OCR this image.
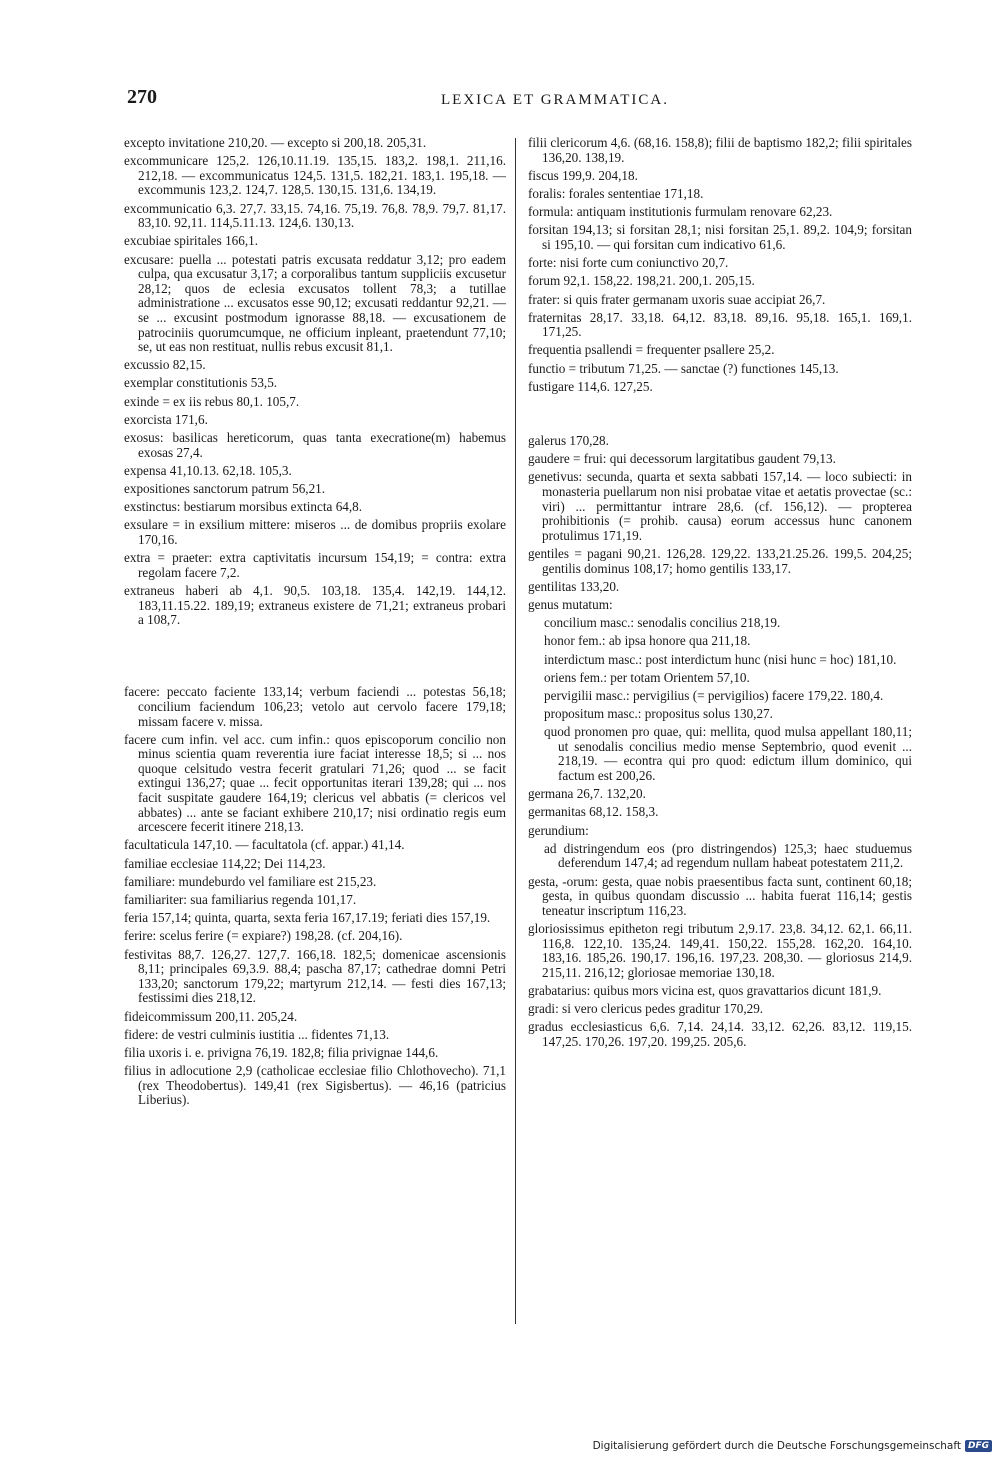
270	LEXICA ET GRAMMATICA.

excepto invitatione 210,20. — excepto si 200,18. 205,31.

excommunicare 125,2. 126,10.11.19. 135,15. 183,2. 198,1. 211,16. 212,18. — excommunicatus 124,5. 131,5. 182,21. 183,1. 195,18. — excommunis 123,2. 124,7. 128,5. 130,15. 131,6. 134,19.

excommunicatio 6,3. 27,7. 33,15. 74,16. 75,19. 76,8. 78,9. 79,7. 81,17. 83,10. 92,11. 114,5.11.13. 124,6. 130,13.

excubiae spiritales 166,1.

excusare: puella ... potestati patris excusata reddatur 3,12; pro eadem culpa, qua excusatur 3,17; a corporalibus tantum suppliciis excusetur 28,12; quos de eclesia excusatos tollent 78,3; a tutillae administratione ... excusatos esse 90,12; excusati reddantur 92,21. — se ... excusint postmodum ignorasse 88,18. — excusationem de patrociniis quorumcumque, ne officium inpleant, praetendunt 77,10; se, ut eas non restituat, nullis rebus excusit 81,1.

excussio 82,15.

exemplar constitutionis 53,5.

exinde = ex iis rebus 80,1. 105,7.

exorcista 171,6.

exosus: basilicas hereticorum, quas tanta execratione(m) habemus exosas 27,4.

expensa 41,10.13. 62,18. 105,3.

expositiones sanctorum patrum 56,21.

exstinctus: bestiarum morsibus extincta 64,8.

exsulare = in exsilium mittere: miseros ... de domibus propriis exolare 170,16.

extra = praeter: extra captivitatis incursum 154,19; = contra: extra regolam facere 7,2.

extraneus haberi ab 4,1. 90,5. 103,18. 135,4. 142,19. 144,12. 183,11.15.22. 189,19; extraneus existere de 71,21; extraneus probari a 108,7.

facere: peccato faciente 133,14; verbum faciendi ... potestas 56,18; concilium faciendum 106,23; vetolo aut cervolo facere 179,18; missam facere v. missa.

facere cum infin. vel acc. cum infin.: quos episcoporum concilio non minus scientia quam reverentia iure faciat interesse 18,5; si ... nos quoque celsitudo vestra fecerit gratulari 71,26; quod ... se facit extingui 136,27; quae ... fecit opportunitas iterari 139,28; qui ... nos facit suspitate gaudere 164,19; clericus vel abbatis (= clericos vel abbates) ... ante se faciant exhibere 210,17; nisi ordinatio regis eum arcescere fecerit itinere 218,13.

facultaticula 147,10. — facultatola (cf. appar.) 41,14.

familiae ecclesiae 114,22; Dei 114,23.

familiare: mundeburdo vel familiare est 215,23.

familiariter: sua familiarius regenda 101,17.

feria 157,14; quinta, quarta, sexta feria 167,17.19; feriati dies 157,19.

ferire: scelus ferire (= expiare?) 198,28. (cf. 204,16).

festivitas 88,7. 126,27. 127,7. 166,18. 182,5; domenicae ascensionis 8,11; principales 69,3.9. 88,4; pascha 87,17; cathedrae domni Petri 133,20; sanctorum 179,22; martyrum 212,14. — festi dies 167,13; festissimi dies 218,12.

fideicommissum 200,11. 205,24.

fidere: de vestri culminis iustitia ... fidentes 71,13.

filia uxoris i. e. privigna 76,19. 182,8; filia privignae 144,6.

filius in adlocutione 2,9 (catholicae ecclesiae filio Chlothovecho). 71,1 (rex Theodobertus). 149,41 (rex Sigisbertus). — 46,16 (patricius Liberius).

filii clericorum 4,6. (68,16. 158,8); filii de baptismo 182,2; filii spiritales 136,20. 138,19.

fiscus 199,9. 204,18.

foralis: forales sententiae 171,18.

formula: antiquam institutionis furmulam renovare 62,23.

forsitan 194,13; si forsitan 28,1; nisi forsitan 25,1. 89,2. 104,9; forsitan si 195,10. — qui forsitan cum indicativo 61,6.

forte: nisi forte cum coniunctivo 20,7.

forum 92,1. 158,22. 198,21. 200,1. 205,15.

frater: si quis frater germanam uxoris suae accipiat 26,7.

fraternitas 28,17. 33,18. 64,12. 83,18. 89,16. 95,18. 165,1. 169,1. 171,25.

frequentia psallendi = frequenter psallere 25,2.

functio = tributum 71,25. — sanctae (?) functiones 145,13.

fustigare 114,6. 127,25.

galerus 170,28.

gaudere = frui: qui decessorum largitatibus gaudent 79,13.

genetivus: secunda, quarta et sexta sabbati 157,14. — loco subiecti: in monasteria puellarum non nisi probatae vitae et aetatis provectae (sc.: viri) ... permittantur intrare 28,6. (cf. 156,12). — propterea prohibitionis (= prohib. causa) eorum accessus hunc canonem protulimus 171,19.

gentiles = pagani 90,21. 126,28. 129,22. 133,21.25.26. 199,5. 204,25; gentilis dominus 108,17; homo gentilis 133,17.

gentilitas 133,20.

genus mutatum:

concilium masc.: senodalis concilius 218,19.

honor fem.: ab ipsa honore qua 211,18.

interdictum masc.: post interdictum hunc (nisi hunc = hoc) 181,10.

oriens fem.: per totam Orientem 57,10.

pervigilii masc.: pervigilius (= pervigilios) facere 179,22. 180,4.

propositum masc.: propositus solus 130,27.

quod pronomen pro quae, qui: mellita, quod mulsa appellant 180,11; ut senodalis concilius medio mense Septembrio, quod evenit ... 218,19. — econtra qui pro quod: edictum illum dominico, qui factum est 200,26.

germana 26,7. 132,20.

germanitas 68,12. 158,3.

gerundium:

ad distringendum eos (pro distringendos) 125,3; haec studuemus deferendum 147,4; ad regendum nullam habeat potestatem 211,2.

gesta, -orum: gesta, quae nobis praesentibus facta sunt, continent 60,18; gesta, in quibus quondam discussio ... habita fuerat 116,14; gestis teneatur inscriptum 116,23.

gloriosissimus epitheton regi tributum 2,9.17. 23,8. 34,12. 62,1. 66,11. 116,8. 122,10. 135,24. 149,41. 150,22. 155,28. 162,20. 164,10. 183,16. 185,26. 190,17. 196,16. 197,23. 208,30. — gloriosus 214,9. 215,11. 216,12; gloriosae memoriae 130,18.

grabatarius: quibus mors vicina est, quos gravattarios dicunt 181,9.

gradi: si vero clericus pedes graditur 170,29.

gradus ecclesiasticus 6,6. 7,14. 24,14. 33,12. 62,26. 83,12. 119,15. 147,25. 170,26. 197,20. 199,25. 205,6.

Digitalisierung gefördert durch die Deutsche Forschungsgemeinschaft DFG
